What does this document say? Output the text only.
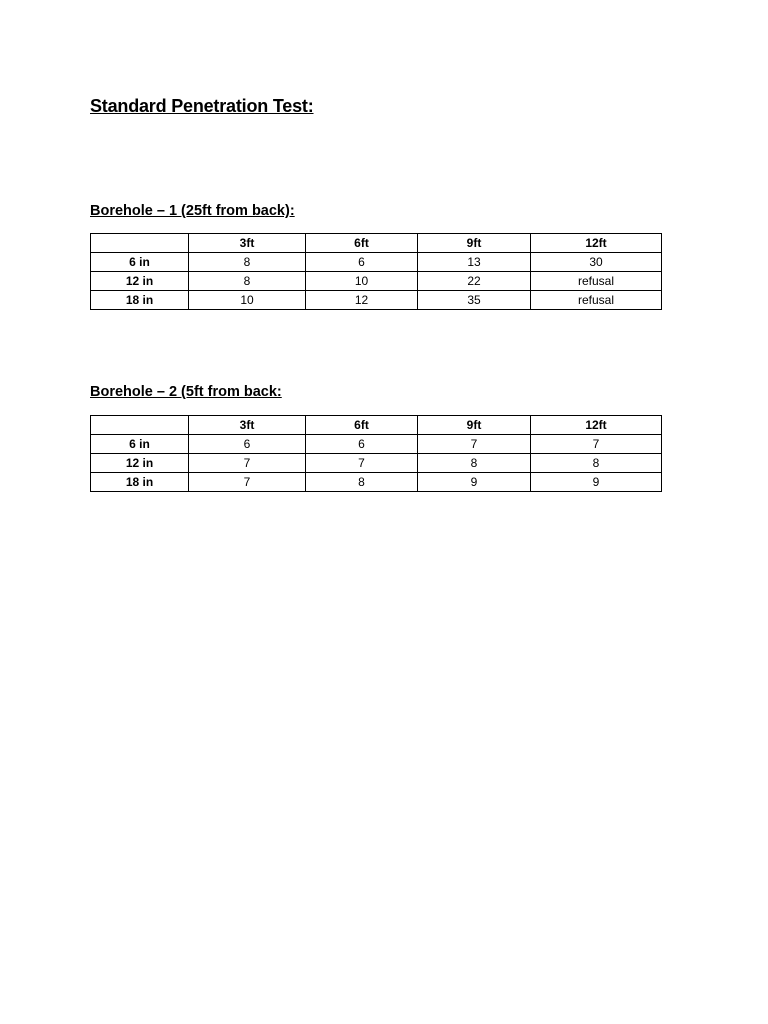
Standard Penetration Test:
Borehole – 1 (25ft from back):
	3ft	6ft	9ft	12ft
6 in	8	6	13	30
12 in	8	10	22	refusal
18 in	10	12	35	refusal
Borehole – 2 (5ft from back:
	3ft	6ft	9ft	12ft
6 in	6	6	7	7
12 in	7	7	8	8
18 in	7	8	9	9
